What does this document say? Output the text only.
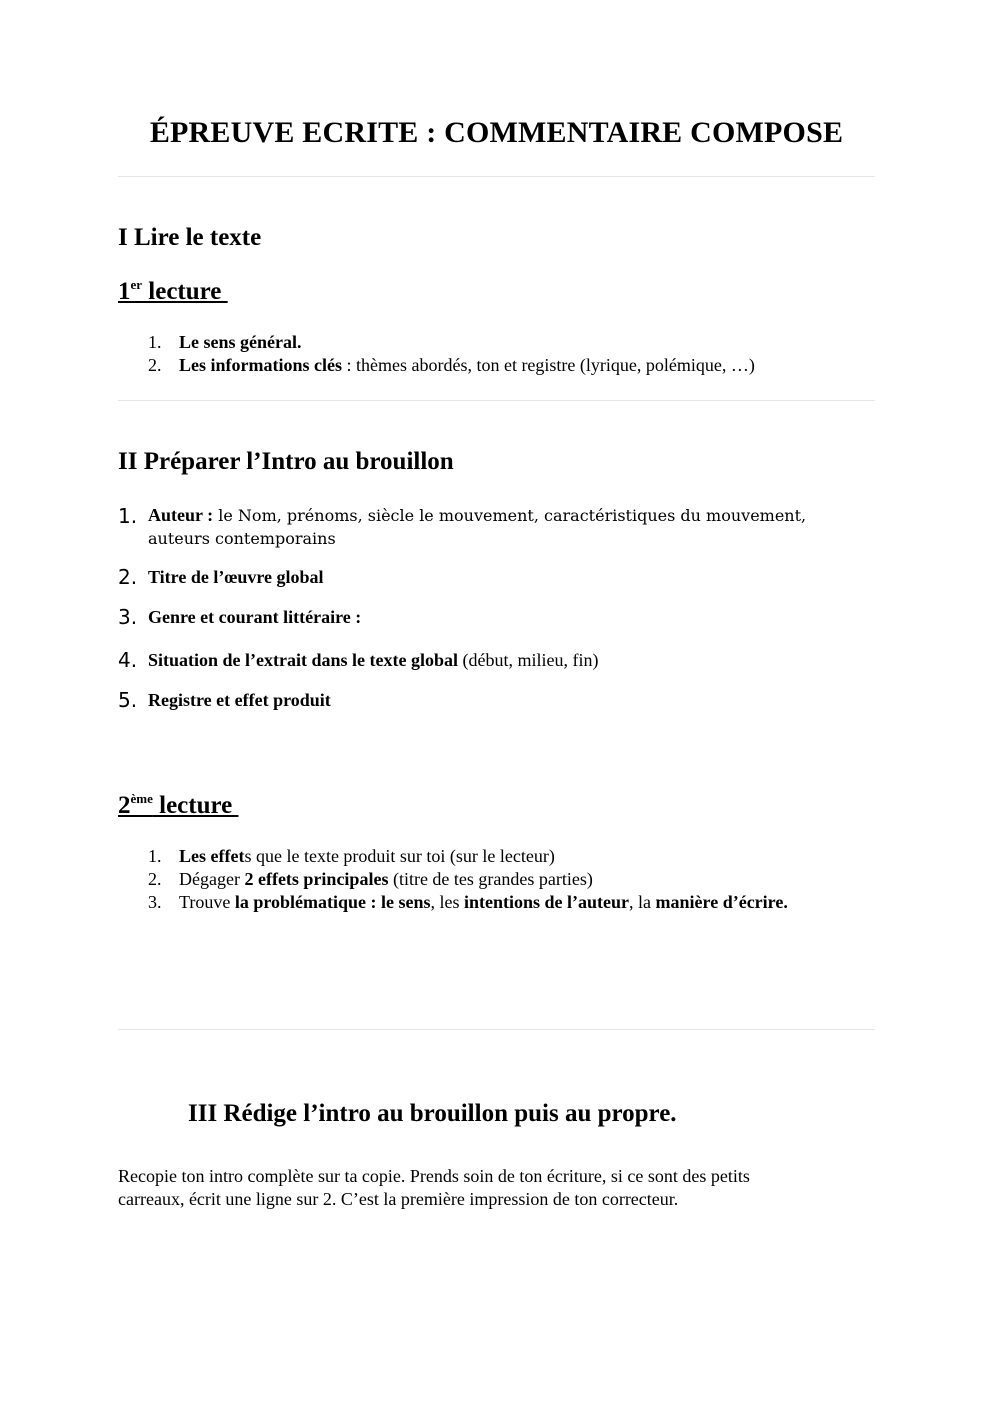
ÉPREUVE ECRITE : COMMENTAIRE COMPOSE
I Lire le texte
1er lecture
1. Le sens général.
2. Les informations clés : thèmes abordés, ton et registre (lyrique, polémique, …)
II Préparer l’Intro au brouillon
1. Auteur : le Nom, prénoms, siècle le mouvement, caractéristiques du mouvement, auteurs contemporains
2. Titre de l’œuvre global
3. Genre et courant littéraire :
4. Situation de l’extrait dans le texte global (début, milieu, fin)
5. Registre et effet produit
2ème lecture
1. Les effets que le texte produit sur toi (sur le lecteur)
2. Dégager 2 effets principales (titre de tes grandes parties)
3. Trouve la problématique : le sens, les intentions de l’auteur, la manière d’écrire.
III Rédige l’intro au brouillon puis au propre.
Recopie ton intro complète sur ta copie. Prends soin de ton écriture, si ce sont des petits
carreaux, écrit une ligne sur 2. C’est la première impression de ton correcteur.
